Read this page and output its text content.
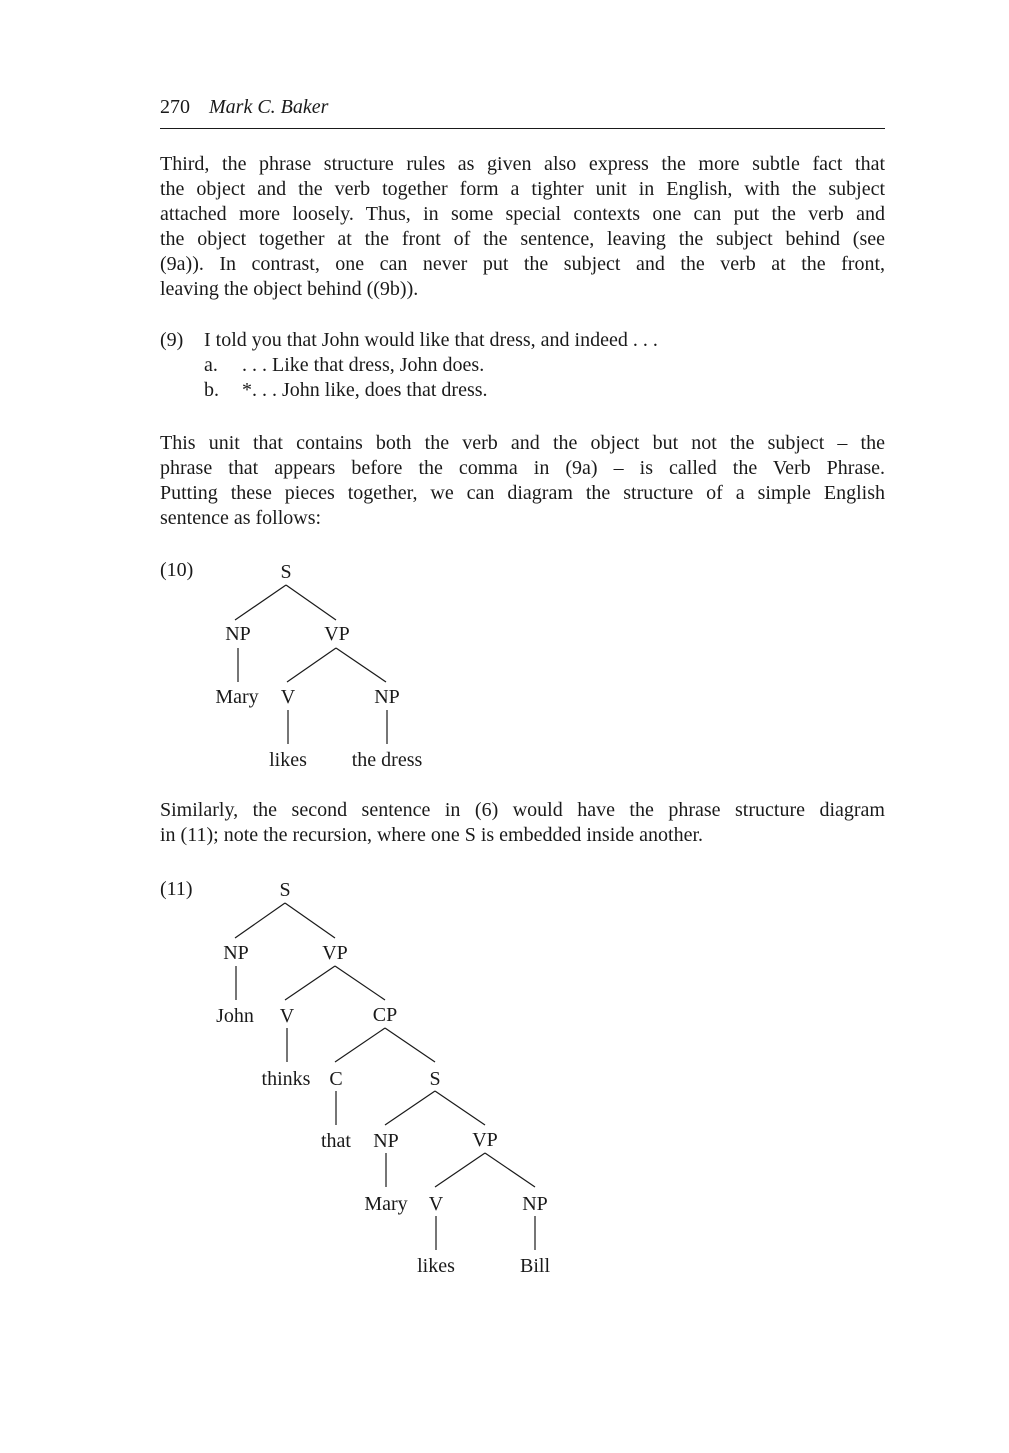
270 Mark C. Baker
Third, the phrase structure rules as given also express the more subtle fact that
the object and the verb together form a tighter unit in English, with the subject
attached more loosely. Thus, in some special contexts one can put the verb and
the object together at the front of the sentence, leaving the subject behind (see
(9a)). In contrast, one can never put the subject and the verb at the front,
leaving the object behind ((9b)).
(9) I told you that John would like that dress, and indeed . . .
a. . . . Like that dress, John does.
b. *. . . John like, does that dress.
This unit that contains both the verb and the object but not the subject – the
phrase that appears before the comma in (9a) – is called the Verb Phrase.
Putting these pieces together, we can diagram the structure of a simple English
sentence as follows:
(10)	S
NP	VP
Mary V	NP
likes the dress
Similarly, the second sentence in (6) would have the phrase structure diagram
in (11); note the recursion, where one S is embedded inside another.
(11)	S
NP	VP
John V	CP
thinks C	S
that NP	VP
Mary V	NP
likes	Bill
